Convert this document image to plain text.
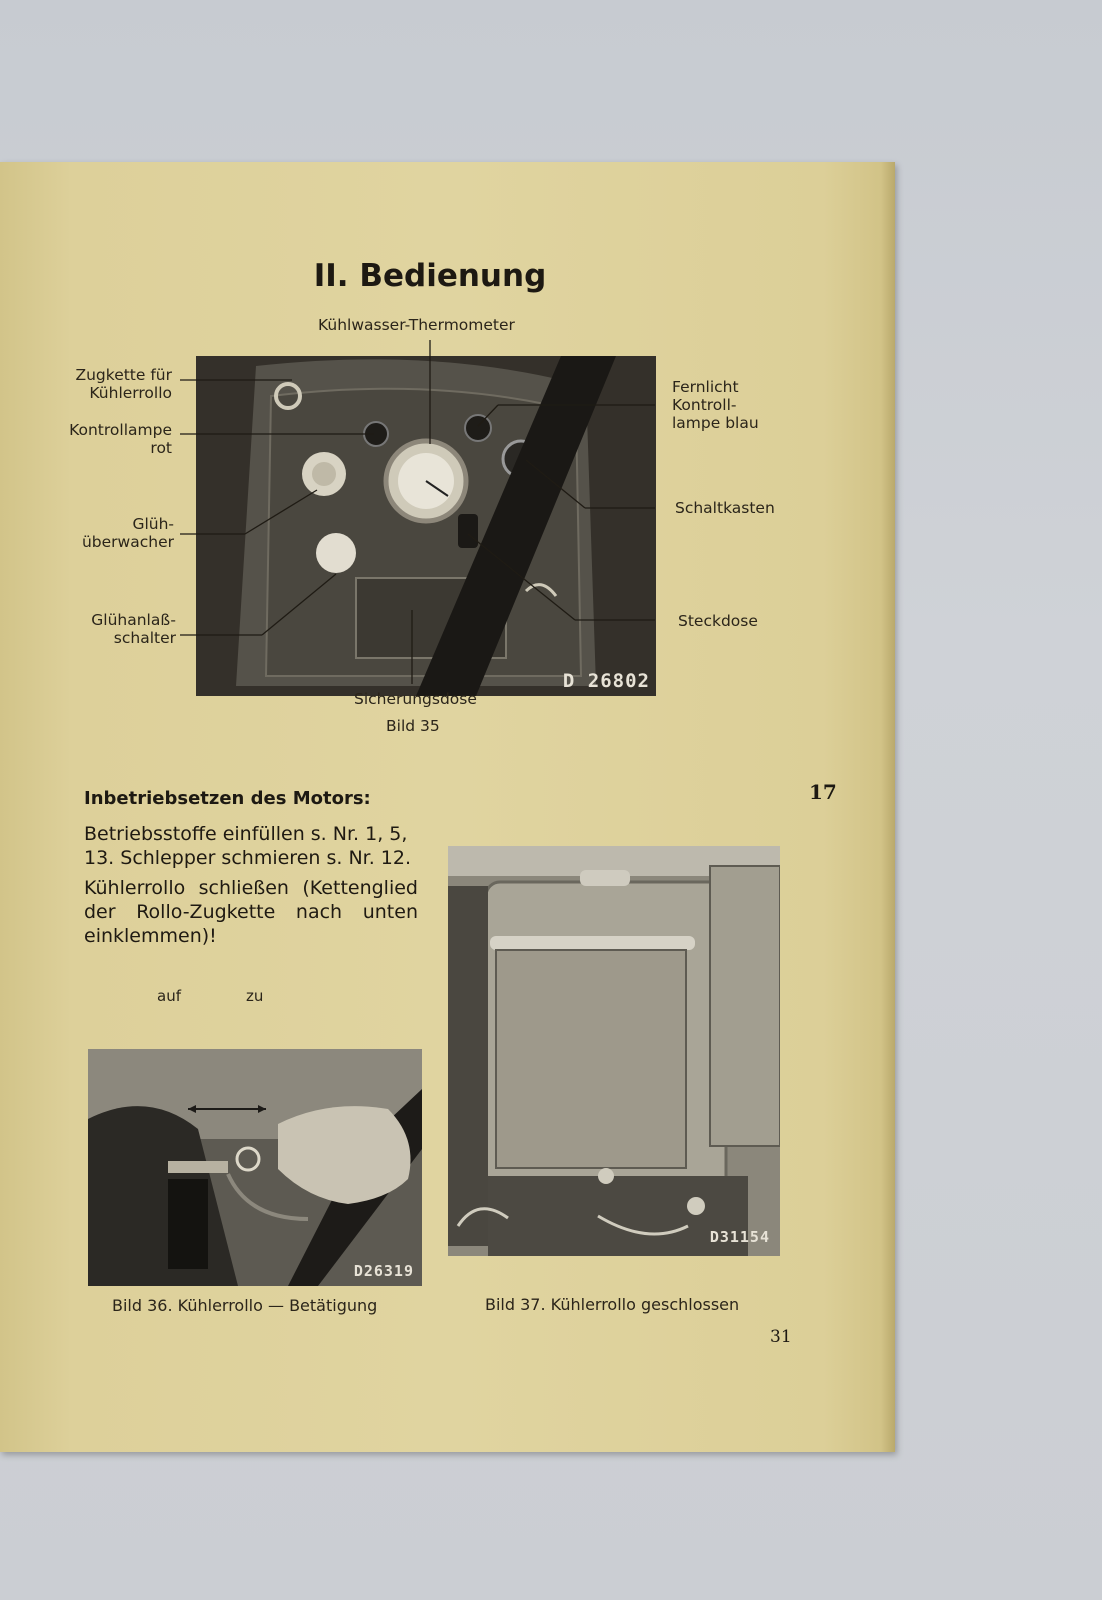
II. Bedienung
Kühlwasser-Thermometer
Zugkette für
Kühlerrollo
Kontrollampe
rot
Glüh-
überwacher
Glühanlaß-
schalter
Fernlicht
Kontroll-
lampe blau
Schaltkasten
Steckdose
D 26802
Sicherungsdose
Bild 35
17
Inbetriebsetzen des Motors:
Betriebsstoffe einfüllen s. Nr. 1, 5,
13. Schlepper schmieren s. Nr. 12.
Kühlerrollo schließen (Kettenglied
der Rollo-Zugkette nach unten
einklemmen)!
auf	zu
D26319
Bild 36. Kühlerrollo — Betätigung
D31154
Bild 37. Kühlerrollo geschlossen
31
